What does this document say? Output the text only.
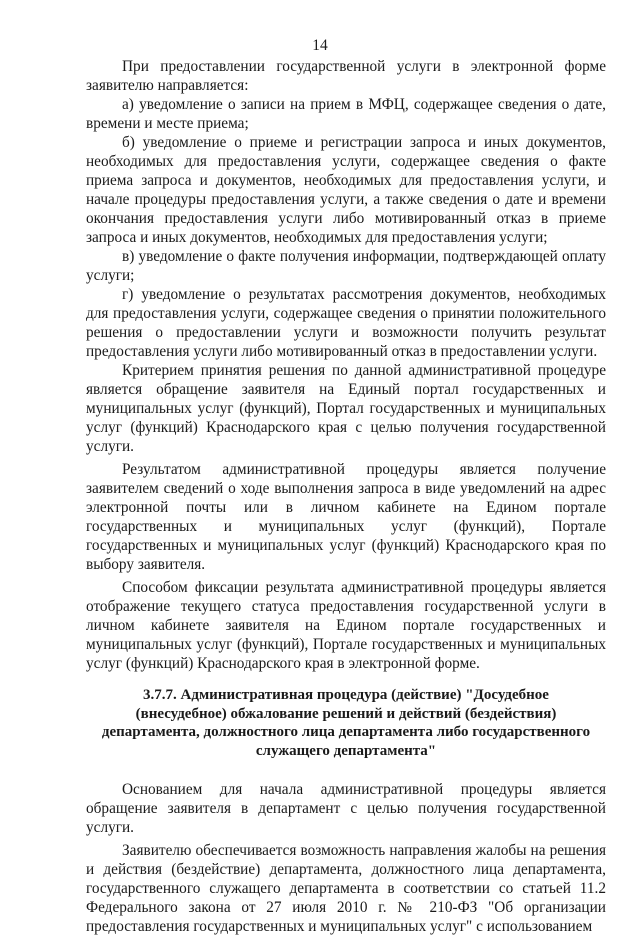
14

При предоставлении государственной услуги в электронной форме заявителю направляется:

а) уведомление о записи на прием в МФЦ, содержащее сведения о дате, времени и месте приема;

б) уведомление о приеме и регистрации запроса и иных документов, необходимых для предоставления услуги, содержащее сведения о факте приема запроса и документов, необходимых для предоставления услуги, и начале процедуры предоставления услуги, а также сведения о дате и времени окончания предоставления услуги либо мотивированный отказ в приеме запроса и иных документов, необходимых для предоставления услуги;

в) уведомление о факте получения информации, подтверждающей оплату услуги;

г) уведомление о результатах рассмотрения документов, необходимых для предоставления услуги, содержащее сведения о принятии положительного решения о предоставлении услуги и возможности получить результат предоставления услуги либо мотивированный отказ в предоставлении услуги.

Критерием принятия решения по данной административной процедуре является обращение заявителя на Единый портал государственных и муниципальных услуг (функций), Портал государственных и муниципальных услуг (функций) Краснодарского края с целью получения государственной услуги.

Результатом административной процедуры является получение заявителем сведений о ходе выполнения запроса в виде уведомлений на адрес электронной почты или в личном кабинете на Едином портале государственных и муниципальных услуг (функций), Портале государственных и муниципальных услуг (функций) Краснодарского края по выбору заявителя.

Способом фиксации результата административной процедуры является отображение текущего статуса предоставления государственной услуги в личном кабинете заявителя на Едином портале государственных и муниципальных услуг (функций), Портале государственных и муниципальных услуг (функций) Краснодарского края в электронной форме.

3.7.7. Административная процедура (действие) "Досудебное
(внесудебное) обжалование решений и действий (бездействия)
департамента, должностного лица департамента либо государственного
служащего департамента"

Основанием для начала административной процедуры является обращение заявителя в департамент с целью получения государственной услуги.

Заявителю обеспечивается возможность направления жалобы на решения и действия (бездействие) департамента, должностного лица департамента, государственного служащего департамента в соответствии со статьей 11.2 Федерального закона от 27 июля 2010 г. № 210-ФЗ "Об организации предоставления государственных и муниципальных услуг" с использованием
